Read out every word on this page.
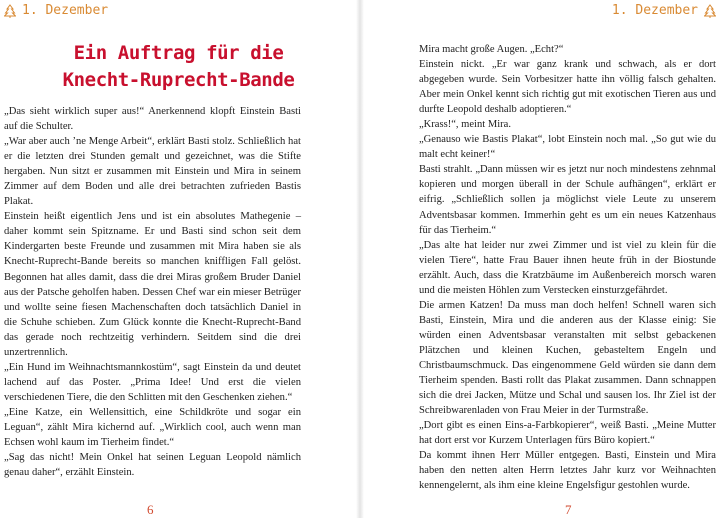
1. Dezember
Ein Auftrag für die
Knecht-Ruprecht-Bande

„Das sieht wirklich super aus!“ Anerkennend klopft Einstein Basti auf die Schulter.

„War aber auch ’ne Menge Arbeit“, erklärt Basti stolz. Schließlich hat er die letzten drei Stunden gemalt und gezeichnet, was die Stifte hergaben. Nun sitzt er zusammen mit Einstein und Mira in seinem Zimmer auf dem Boden und alle drei betrachten zufrieden Bastis Plakat.

Einstein heißt eigentlich Jens und ist ein absolutes Mathegenie – daher kommt sein Spitzname. Er und Basti sind schon seit dem Kindergarten beste Freunde und zusammen mit Mira haben sie als Knecht-Ruprecht-Bande bereits so manchen kniffligen Fall gelöst. Begonnen hat alles damit, dass die drei Miras großem Bruder Daniel aus der Patsche geholfen haben. Dessen Chef war ein mieser Betrüger und wollte seine fiesen Machenschaften doch tatsächlich Daniel in die Schuhe schieben. Zum Glück konnte die Knecht-Ruprecht-Band das gerade noch rechtzeitig verhindern. Seitdem sind die drei unzertrennlich.

„Ein Hund im Weihnachtsmannkostüm“, sagt Einstein da und deutet lachend auf das Poster. „Prima Idee! Und erst die vielen verschiedenen Tiere, die den Schlitten mit den Geschenken ziehen.“

„Eine Katze, ein Wellensittich, eine Schildkröte und sogar ein Leguan“, zählt Mira kichernd auf. „Wirklich cool, auch wenn man Echsen wohl kaum im Tierheim findet.“

„Sag das nicht! Mein Onkel hat seinen Leguan Leopold nämlich genau daher“, erzählt Einstein.

6
1. Dezember

Mira macht große Augen. „Echt?“

Einstein nickt. „Er war ganz krank und schwach, als er dort abgegeben wurde. Sein Vorbesitzer hatte ihn völlig falsch gehalten. Aber mein Onkel kennt sich richtig gut mit exotischen Tieren aus und durfte Leopold deshalb adoptieren.“

„Krass!“, meint Mira.

„Genauso wie Bastis Plakat“, lobt Einstein noch mal. „So gut wie du malt echt keiner!“

Basti strahlt. „Dann müssen wir es jetzt nur noch mindestens zehnmal kopieren und morgen überall in der Schule aufhängen“, erklärt er eifrig. „Schließlich sollen ja möglichst viele Leute zu unserem Adventsbasar kommen. Immerhin geht es um ein neues Katzenhaus für das Tierheim.“

„Das alte hat leider nur zwei Zimmer und ist viel zu klein für die vielen Tiere“, hatte Frau Bauer ihnen heute früh in der Biostunde erzählt. Auch, dass die Kratzbäume im Außenbereich morsch waren und die meisten Höhlen zum Verstecken einsturzgefährdet.

Die armen Katzen! Da muss man doch helfen! Schnell waren sich Basti, Einstein, Mira und die anderen aus der Klasse einig: Sie würden einen Adventsbasar veranstalten mit selbst gebackenen Plätzchen und kleinen Kuchen, gebasteltem Engeln und Christbaumschmuck. Das eingenommene Geld würden sie dann dem Tierheim spenden. Basti rollt das Plakat zusammen. Dann schnappen sich die drei Jacken, Mütze und Schal und sausen los. Ihr Ziel ist der Schreibwarenladen von Frau Meier in der Turmstraße.

„Dort gibt es einen Eins-a-Farbkopierer“, weiß Basti. „Meine Mutter hat dort erst vor Kurzem Unterlagen fürs Büro kopiert.“

Da kommt ihnen Herr Müller entgegen. Basti, Einstein und Mira haben den netten alten Herrn letztes Jahr kurz vor Weihnachten kennengelernt, als ihm eine kleine Engelsfigur gestohlen wurde.

7
